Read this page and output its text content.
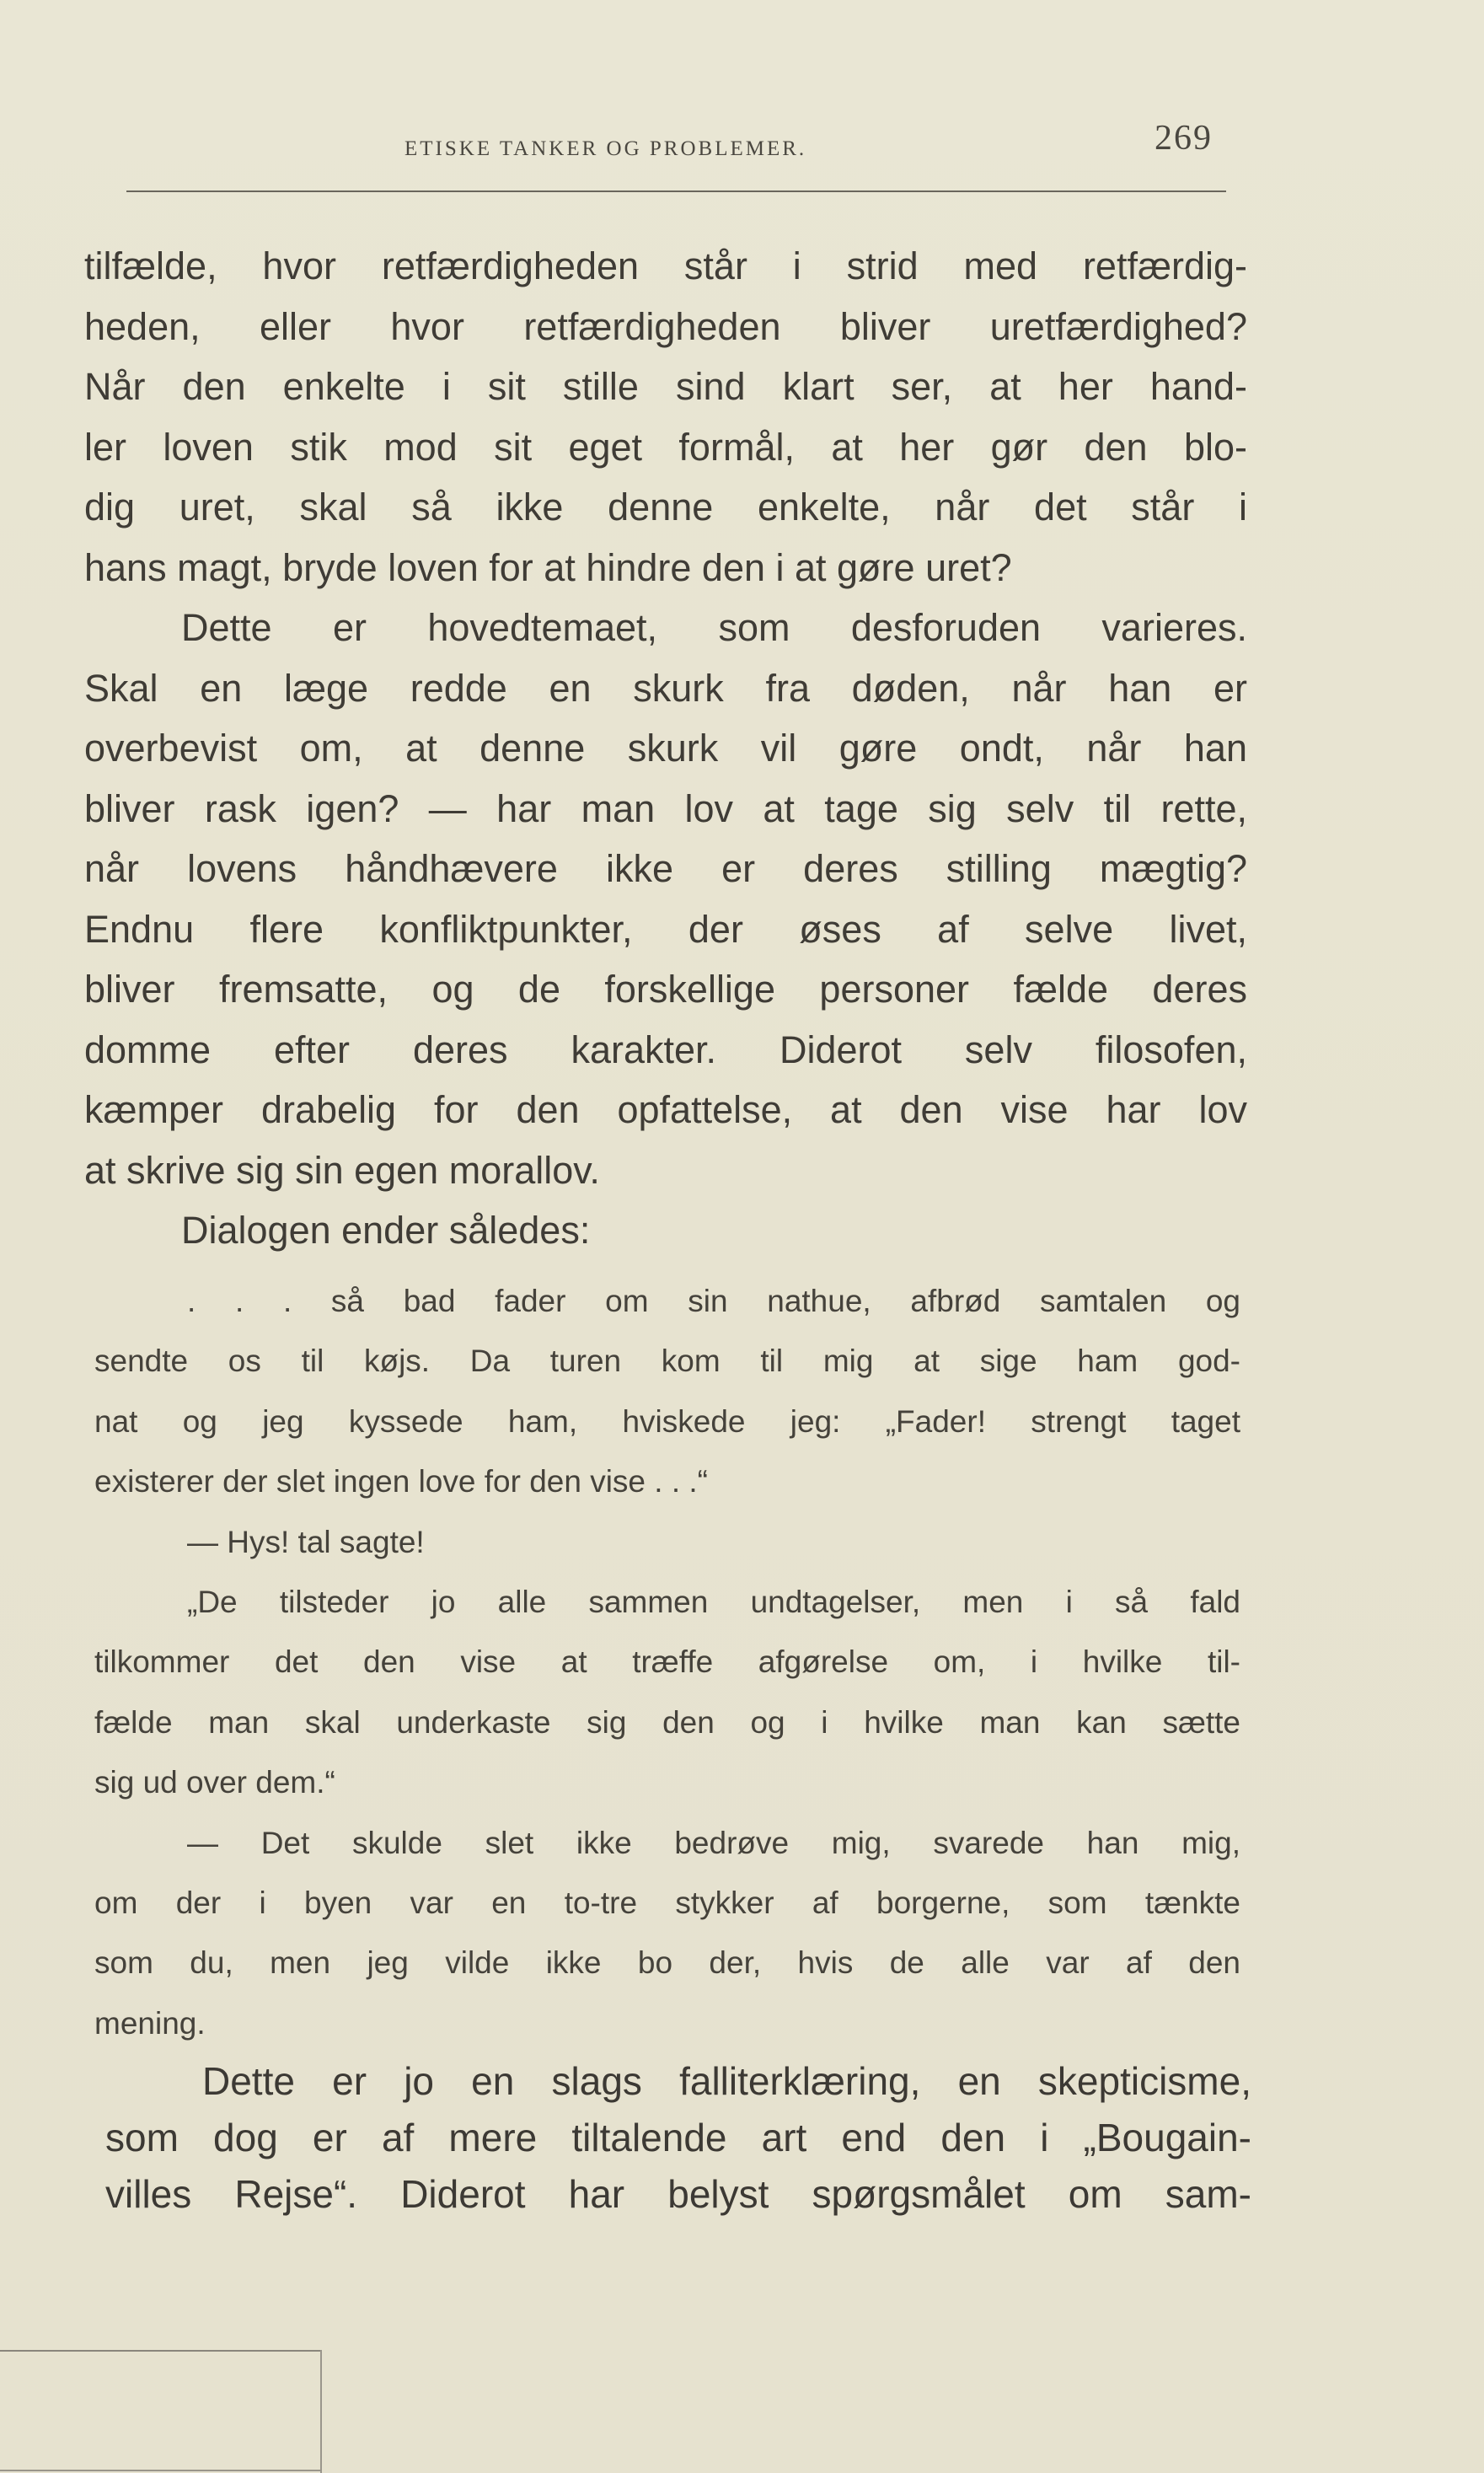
ETISKE TANKER OG PROBLEMER.	269
tilfælde, hvor retfærdigheden står i strid med retfærdig-
heden, eller hvor retfærdigheden bliver uretfærdighed?
Når den enkelte i sit stille sind klart ser, at her hand-
ler loven stik mod sit eget formål, at her gør den blo-
dig uret, skal så ikke denne enkelte, når det står i
hans magt, bryde loven for at hindre den i at gøre uret?
Dette er hovedtemaet, som desforuden varieres.
Skal en læge redde en skurk fra døden, når han er
overbevist om, at denne skurk vil gøre ondt, når han
bliver rask igen? — har man lov at tage sig selv til rette,
når lovens håndhævere ikke er deres stilling mægtig?
Endnu flere konfliktpunkter, der øses af selve livet,
bliver fremsatte, og de forskellige personer fælde deres
domme efter deres karakter. Diderot selv filosofen,
kæmper drabelig for den opfattelse, at den vise har lov
at skrive sig sin egen morallov.
Dialogen ender således:
. . . så bad fader om sin nathue, afbrød samtalen og
sendte os til køjs. Da turen kom til mig at sige ham god-
nat og jeg kyssede ham, hviskede jeg: „Fader! strengt taget
existerer der slet ingen love for den vise . . .“
— Hys! tal sagte!
„De tilsteder jo alle sammen undtagelser, men i så fald
tilkommer det den vise at træffe afgørelse om, i hvilke til-
fælde man skal underkaste sig den og i hvilke man kan sætte
sig ud over dem.“
— Det skulde slet ikke bedrøve mig, svarede han mig,
om der i byen var en to-tre stykker af borgerne, som tænkte
som du, men jeg vilde ikke bo der, hvis de alle var af den
mening.
Dette er jo en slags falliterklæring, en skepticisme,
som dog er af mere tiltalende art end den i „Bougain-
villes Rejse“. Diderot har belyst spørgsmålet om sam-
